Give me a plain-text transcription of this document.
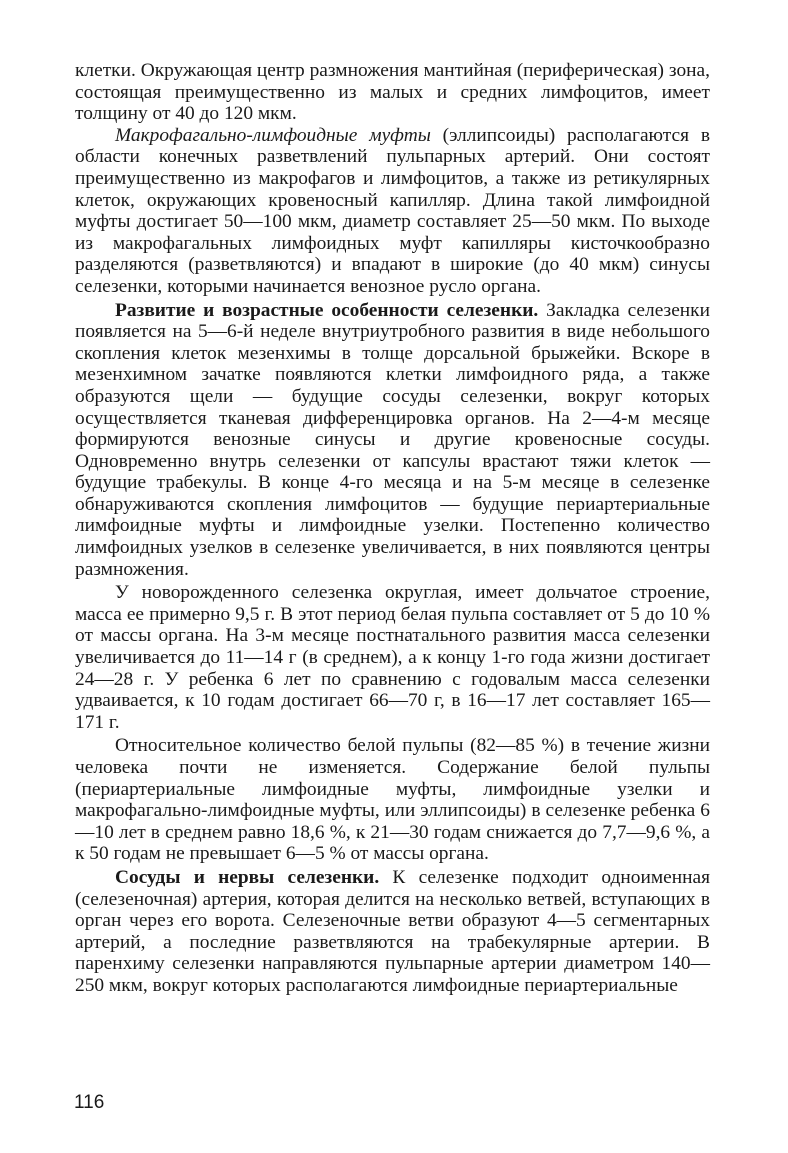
клетки. Окружающая центр размножения мантийная (периферическая) зона, состоящая преимущественно из малых и средних лимфоцитов, имеет толщину от 40 до 120 мкм.

Макрофагально-лимфоидные муфты (эллипсоиды) располагаются в области конечных разветвлений пульпарных артерий. Они состоят преимущественно из макрофагов и лимфоцитов, а также из ретикулярных клеток, окружающих кровеносный капилляр. Длина такой лимфоидной муфты достигает 50—100 мкм, диаметр составляет 25—50 мкм. По выходе из макрофагальных лимфоидных муфт капилляры кисточкообразно разделяются (разветвляются) и впадают в широкие (до 40 мкм) синусы селезенки, которыми начинается венозное русло органа.

Развитие и возрастные особенности селезенки. Закладка селезенки появляется на 5—6-й неделе внутриутробного развития в виде небольшого скопления клеток мезенхимы в толще дорсальной брыжейки. Вскоре в мезенхимном зачатке появляются клетки лимфоидного ряда, а также образуются щели — будущие сосуды селезенки, вокруг которых осуществляется тканевая дифференцировка органов. На 2—4-м месяце формируются венозные синусы и другие кровеносные сосуды. Одновременно внутрь селезенки от капсулы врастают тяжи клеток — будущие трабекулы. В конце 4-го месяца и на 5-м месяце в селезенке обнаруживаются скопления лимфоцитов — будущие периартериальные лимфоидные муфты и лимфоидные узелки. Постепенно количество лимфоидных узелков в селезенке увеличивается, в них появляются центры размножения.

У новорожденного селезенка округлая, имеет дольчатое строение, масса ее примерно 9,5 г. В этот период белая пульпа составляет от 5 до 10 % от массы органа. На 3-м месяце постнатального развития масса селезенки увеличивается до 11—14 г (в среднем), а к концу 1-го года жизни достигает 24—28 г. У ребенка 6 лет по сравнению с годовалым масса селезенки удваивается, к 10 годам достигает 66—70 г, в 16—17 лет составляет 165—171 г.

Относительное количество белой пульпы (82—85 %) в течение жизни человека почти не изменяется. Содержание белой пульпы (периартериальные лимфоидные муфты, лимфоидные узелки и макрофагально-лимфоидные муфты, или эллипсоиды) в селезенке ребенка 6—10 лет в среднем равно 18,6 %, к 21—30 годам снижается до 7,7—9,6 %, а к 50 годам не превышает 6—5 % от массы органа.

Сосуды и нервы селезенки. К селезенке подходит одноименная (селезеночная) артерия, которая делится на несколько ветвей, вступающих в орган через его ворота. Селезеночные ветви образуют 4—5 сегментарных артерий, а последние разветвляются на трабекулярные артерии. В паренхиму селезенки направляются пульпарные артерии диаметром 140—250 мкм, вокруг которых располагаются лимфоидные периартериальные

116
